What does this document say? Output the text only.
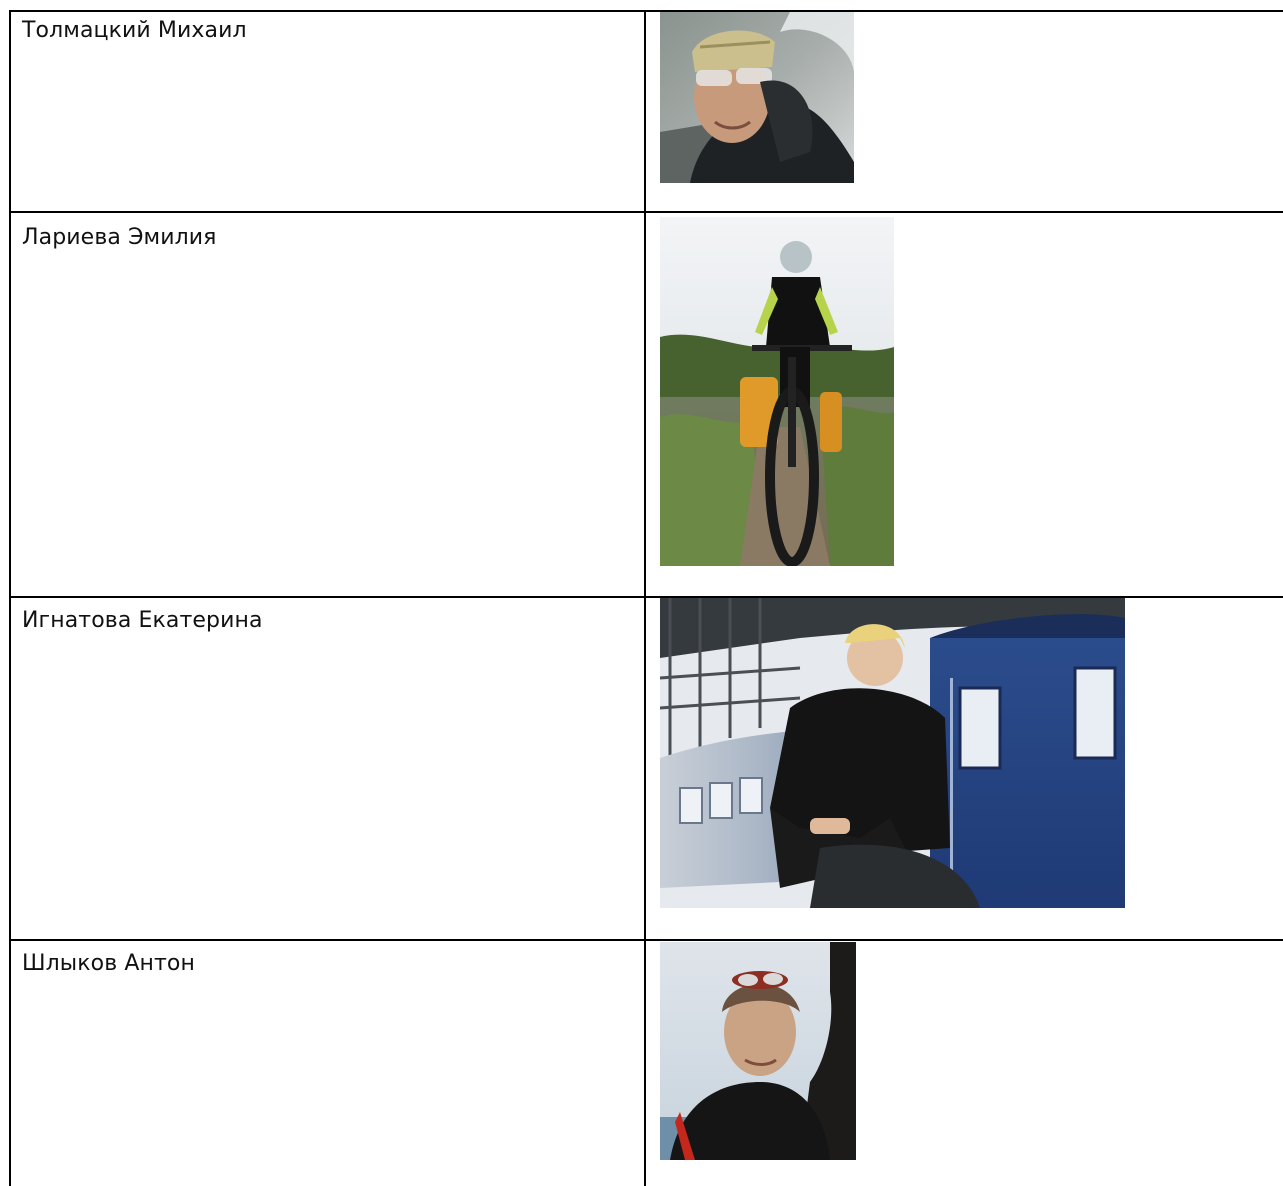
Толмацкий Михаил
Лариева Эмилия
Игнатова Екатерина
Шлыков Антон
